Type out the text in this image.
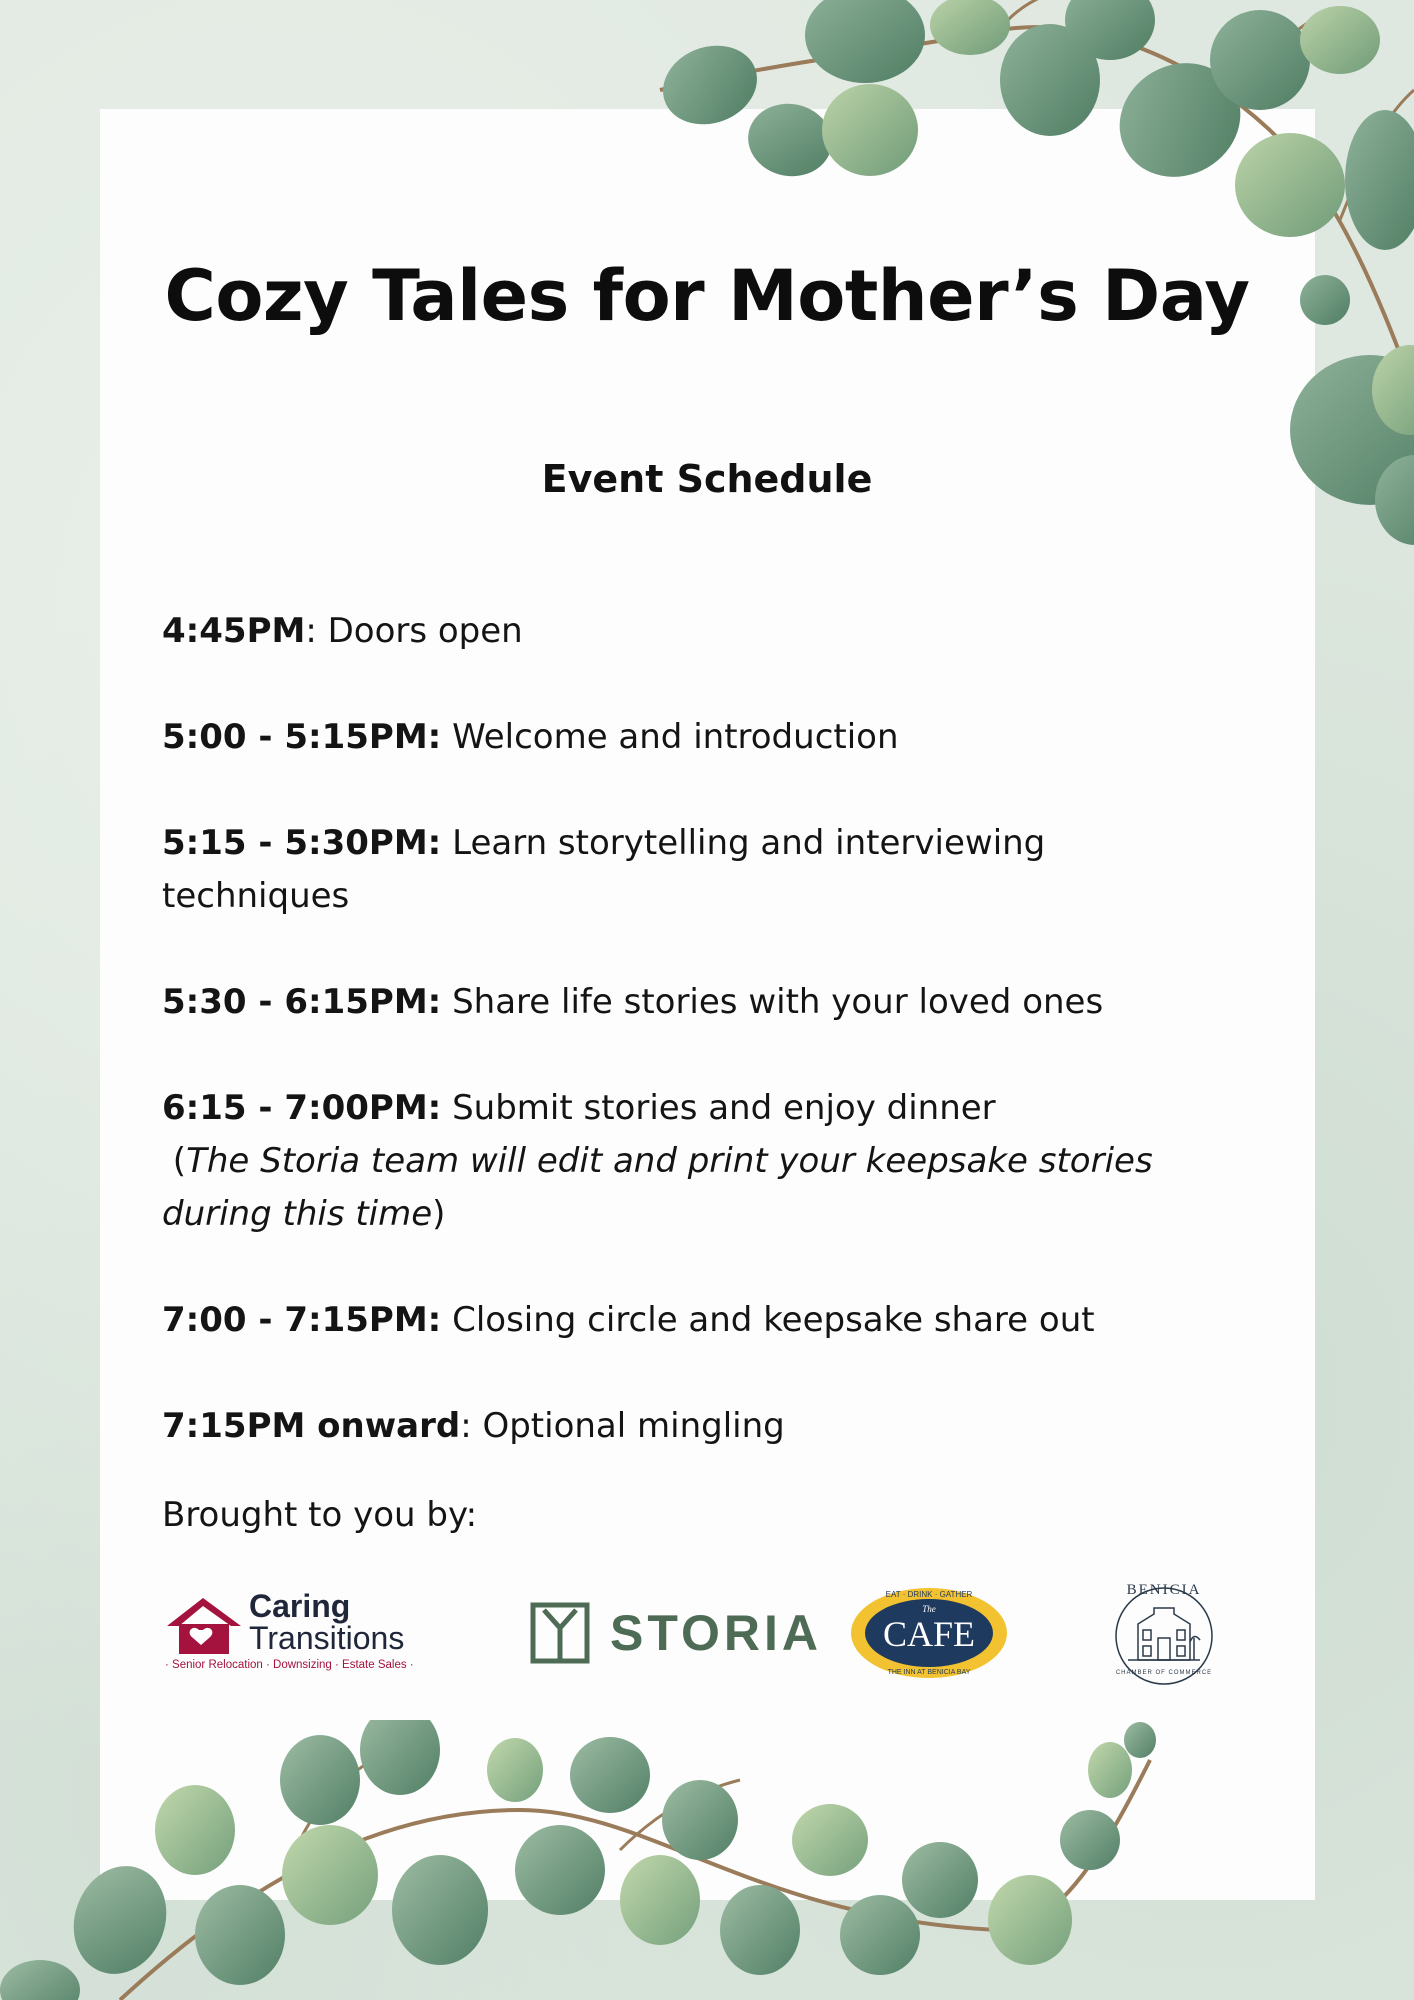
Cozy Tales for Mother’s Day
Event Schedule
4:45PM: Doors open
5:00 - 5:15PM: Welcome and introduction
5:15 - 5:30PM: Learn storytelling and interviewing techniques
5:30 - 6:15PM: Share life stories with your loved ones
6:15 - 7:00PM: Submit stories and enjoy dinner
(The Storia team will edit and print your keepsake stories during this time)
7:00 - 7:15PM: Closing circle and keepsake share out
7:15PM onward: Optional mingling
Brought to you by:
Caring
Transitions
· Senior Relocation · Downsizing · Estate Sales ·
STORIA
EAT · DRINK · GATHER
The
CAFE
THE INN AT BENICIA BAY
BENICIA
CHAMBER OF COMMERCE
